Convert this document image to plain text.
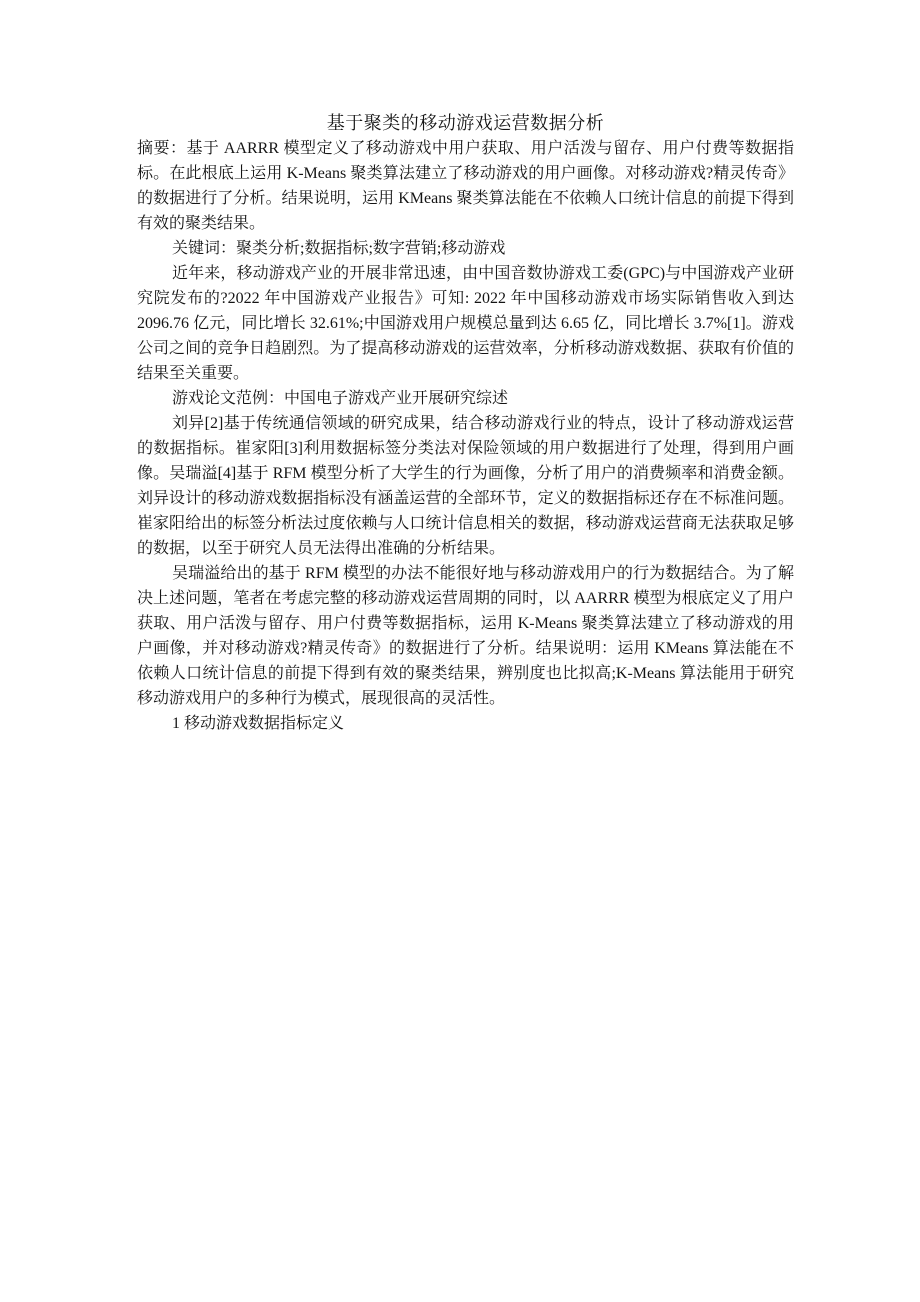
基于聚类的移动游戏运营数据分析

摘要：基于 AARRR 模型定义了移动游戏中用户获取、用户活泼与留存、用户付费等数据指标。在此根底上运用 K-Means 聚类算法建立了移动游戏的用户画像。对移动游戏?精灵传奇》的数据进行了分析。结果说明，运用 KMeans 聚类算法能在不依赖人口统计信息的前提下得到有效的聚类结果。

关键词：聚类分析;数据指标;数字营销;移动游戏

近年来，移动游戏产业的开展非常迅速，由中国音数协游戏工委(GPC)与中国游戏产业研究院发布的?2022 年中国游戏产业报告》可知: 2022 年中国移动游戏市场实际销售收入到达 2096.76 亿元，同比增长 32.61%;中国游戏用户规模总量到达 6.65 亿，同比增长 3.7%[1]。游戏公司之间的竞争日趋剧烈。为了提高移动游戏的运营效率，分析移动游戏数据、获取有价值的结果至关重要。

游戏论文范例：中国电子游戏产业开展研究综述

刘异[2]基于传统通信领域的研究成果，结合移动游戏行业的特点，设计了移动游戏运营的数据指标。崔家阳[3]利用数据标签分类法对保险领域的用户数据进行了处理，得到用户画像。吴瑞溢[4]基于 RFM 模型分析了大学生的行为画像，分析了用户的消费频率和消费金额。刘异设计的移动游戏数据指标没有涵盖运营的全部环节，定义的数据指标还存在不标准问题。崔家阳给出的标签分析法过度依赖与人口统计信息相关的数据，移动游戏运营商无法获取足够的数据，以至于研究人员无法得出准确的分析结果。

吴瑞溢给出的基于 RFM 模型的办法不能很好地与移动游戏用户的行为数据结合。为了解决上述问题，笔者在考虑完整的移动游戏运营周期的同时，以 AARRR 模型为根底定义了用户获取、用户活泼与留存、用户付费等数据指标，运用 K-Means 聚类算法建立了移动游戏的用户画像，并对移动游戏?精灵传奇》的数据进行了分析。结果说明：运用 KMeans 算法能在不依赖人口统计信息的前提下得到有效的聚类结果，辨别度也比拟高;K-Means 算法能用于研究移动游戏用户的多种行为模式，展现很高的灵活性。

1 移动游戏数据指标定义
